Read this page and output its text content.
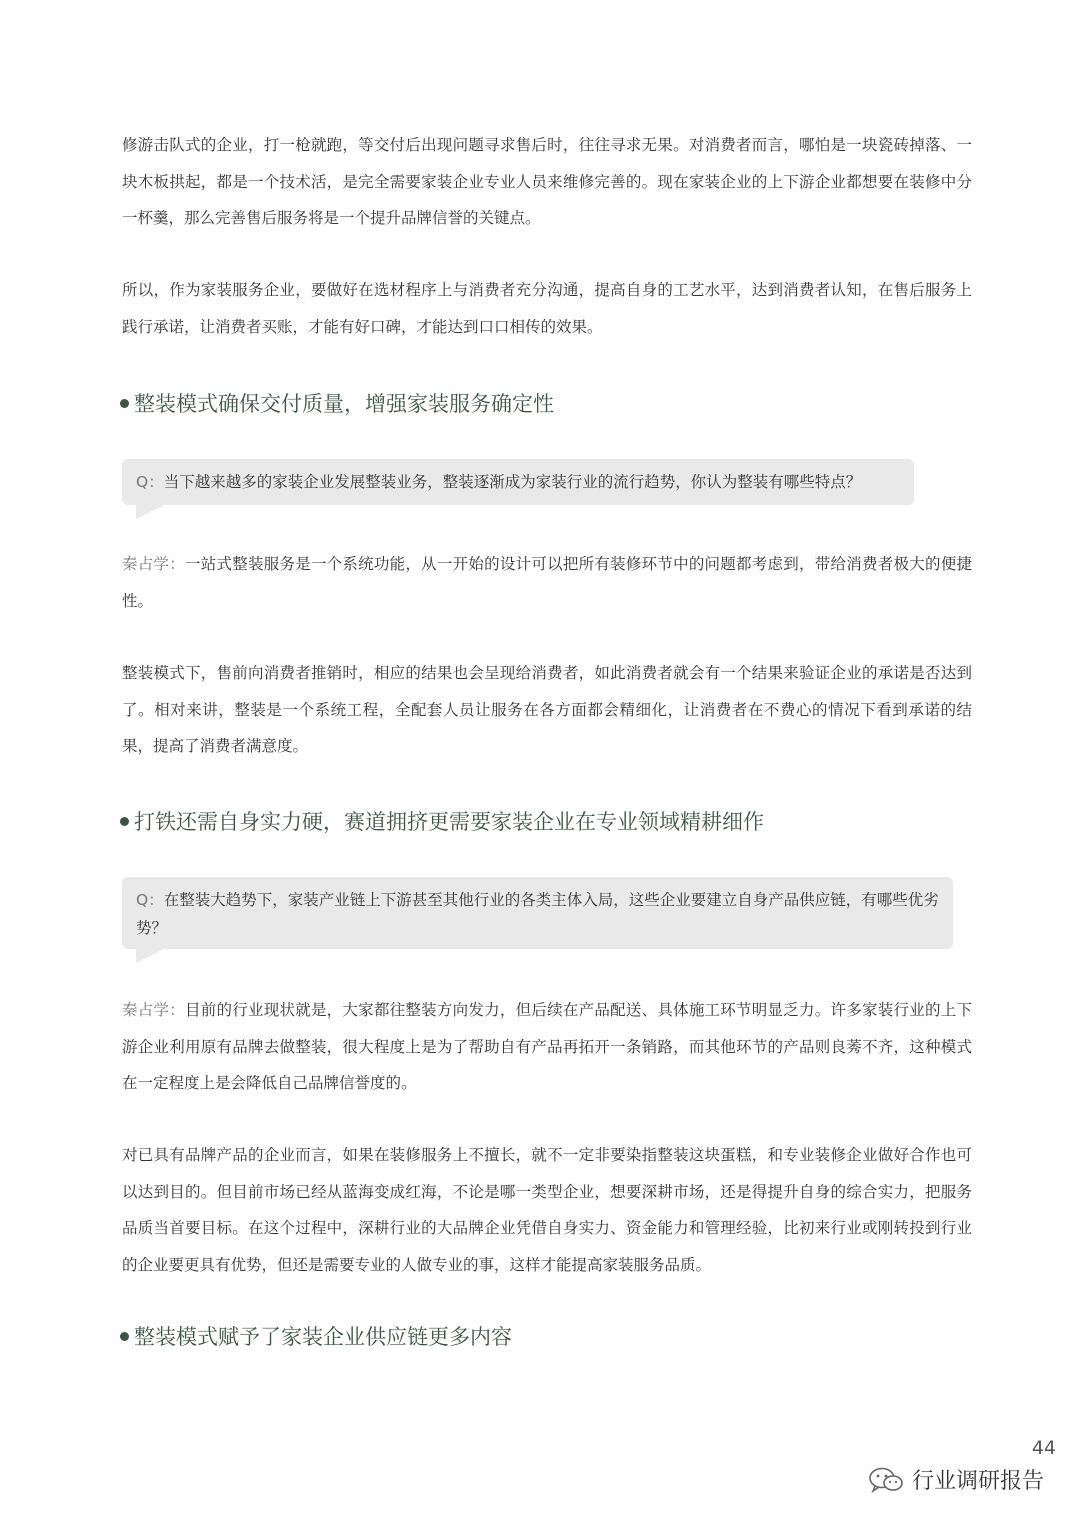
修游击队式的企业，打一枪就跑，等交付后出现问题寻求售后时，往往寻求无果。对消费者而言，哪怕是一块瓷砖掉落、一块木板拱起，都是一个技术活，是完全需要家装企业专业人员来维修完善的。现在家装企业的上下游企业都想要在装修中分一杯羹，那么完善售后服务将是一个提升品牌信誉的关键点。

所以，作为家装服务企业，要做好在选材程序上与消费者充分沟通，提高自身的工艺水平，达到消费者认知，在售后服务上践行承诺，让消费者买账，才能有好口碑，才能达到口口相传的效果。

整装模式确保交付质量，增强家装服务确定性
Q：当下越来越多的家装企业发展整装业务，整装逐渐成为家装行业的流行趋势，你认为整装有哪些特点？

秦占学：一站式整装服务是一个系统功能，从一开始的设计可以把所有装修环节中的问题都考虑到，带给消费者极大的便捷性。

整装模式下，售前向消费者推销时，相应的结果也会呈现给消费者，如此消费者就会有一个结果来验证企业的承诺是否达到了。相对来讲，整装是一个系统工程，全配套人员让服务在各方面都会精细化，让消费者在不费心的情况下看到承诺的结果，提高了消费者满意度。

打铁还需自身实力硬，赛道拥挤更需要家装企业在专业领域精耕细作
Q：在整装大趋势下，家装产业链上下游甚至其他行业的各类主体入局，这些企业要建立自身产品供应链，有哪些优劣势？

秦占学：目前的行业现状就是，大家都往整装方向发力，但后续在产品配送、具体施工环节明显乏力。许多家装行业的上下游企业利用原有品牌去做整装，很大程度上是为了帮助自有产品再拓开一条销路，而其他环节的产品则良莠不齐，这种模式在一定程度上是会降低自己品牌信誉度的。

对已具有品牌产品的企业而言，如果在装修服务上不擅长，就不一定非要染指整装这块蛋糕，和专业装修企业做好合作也可以达到目的。但目前市场已经从蓝海变成红海，不论是哪一类型企业，想要深耕市场，还是得提升自身的综合实力，把服务品质当首要目标。在这个过程中，深耕行业的大品牌企业凭借自身实力、资金能力和管理经验，比初来行业或刚转投到行业的企业要更具有优势，但还是需要专业的人做专业的事，这样才能提高家装服务品质。

整装模式赋予了家装企业供应链更多内容
44
行业调研报告
